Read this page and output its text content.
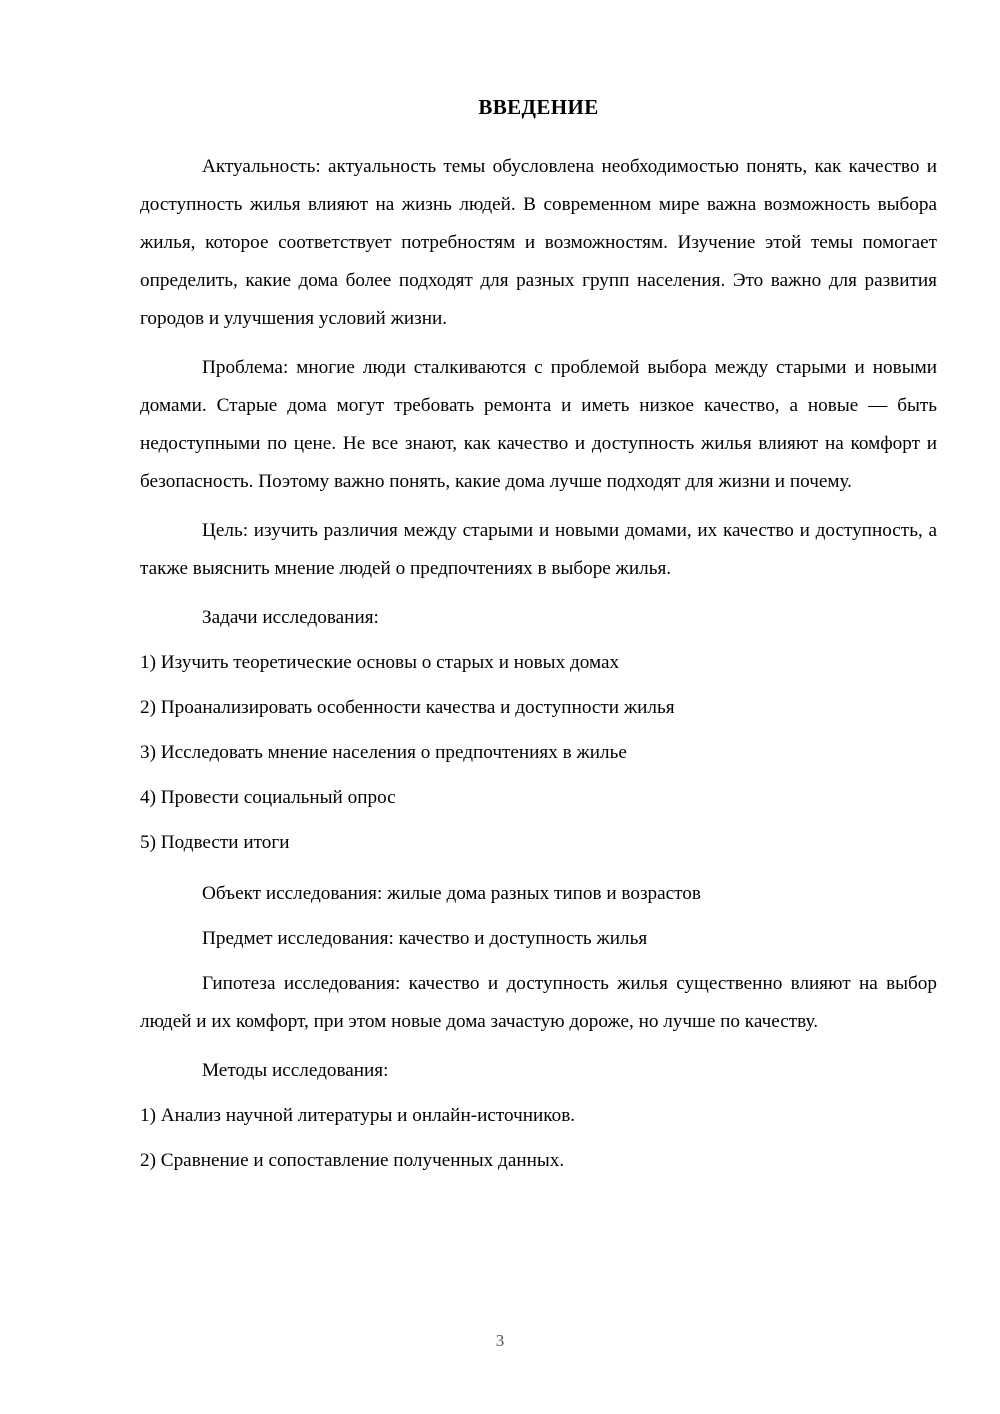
ВВЕДЕНИЕ

Актуальность: актуальность темы обусловлена необходимостью понять, как качество и доступность жилья влияют на жизнь людей. В современном мире важна возможность выбора жилья, которое соответствует потребностям и возможностям. Изучение этой темы помогает определить, какие дома более подходят для разных групп населения. Это важно для развития городов и улучшения условий жизни.

Проблема: многие люди сталкиваются с проблемой выбора между старыми и новыми домами. Старые дома могут требовать ремонта и иметь низкое качество, а новые — быть недоступными по цене. Не все знают, как качество и доступность жилья влияют на комфорт и безопасность. Поэтому важно понять, какие дома лучше подходят для жизни и почему.

Цель: изучить различия между старыми и новыми домами, их качество и доступность, а также выяснить мнение людей о предпочтениях в выборе жилья.

Задачи исследования:

1) Изучить теоретические основы о старых и новых домах
2) Проанализировать особенности качества и доступности жилья
3) Исследовать мнение населения о предпочтениях в жилье
4) Провести социальный опрос
5) Подвести итоги

Объект исследования: жилые дома разных типов и возрастов

Предмет исследования: качество и доступность жилья

Гипотеза исследования: качество и доступность жилья существенно влияют на выбор людей и их комфорт, при этом новые дома зачастую дороже, но лучше по качеству.

Методы исследования:

1) Анализ научной литературы и онлайн-источников.
2) Сравнение и сопоставление полученных данных.
3
